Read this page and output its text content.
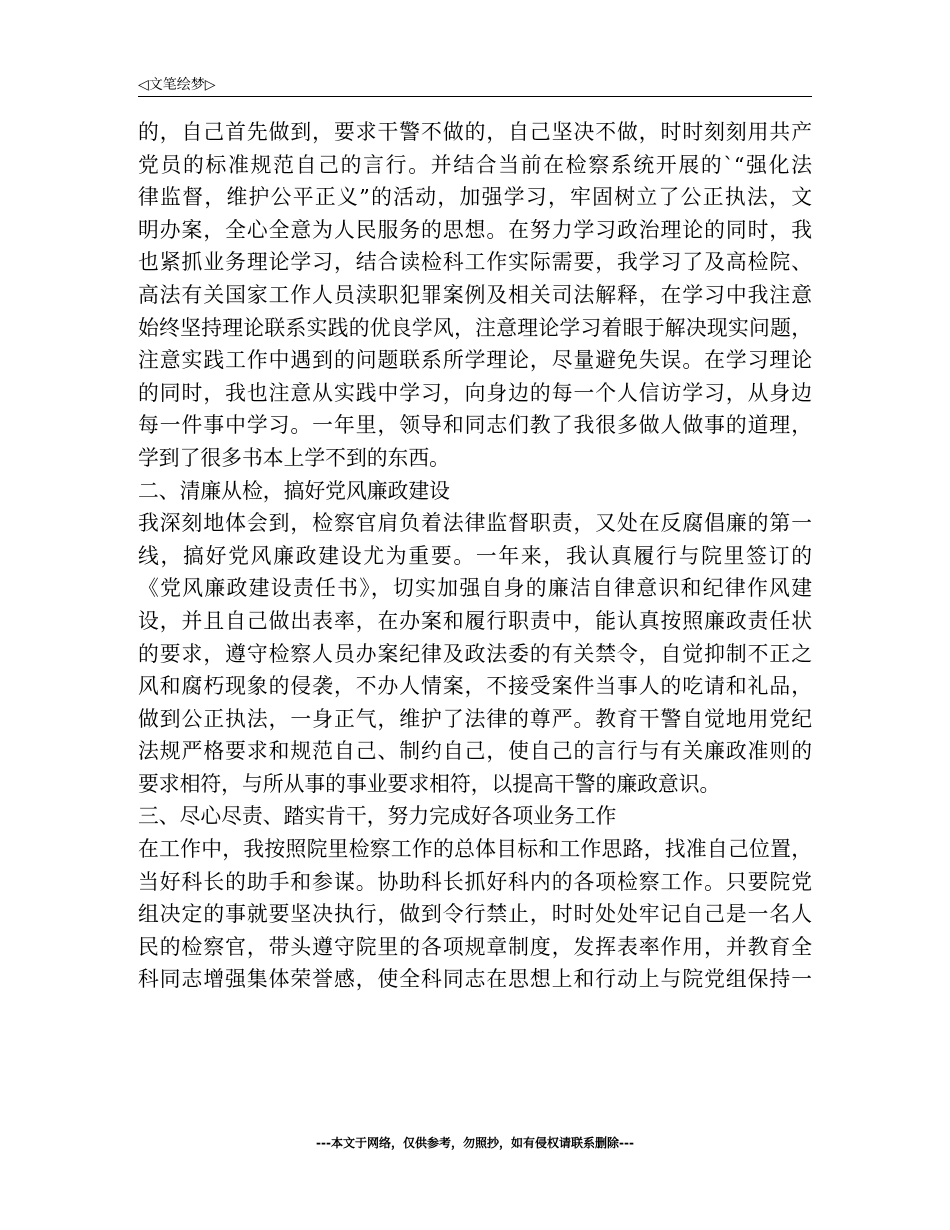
◁文笔绘梦▷
的，自己首先做到，要求干警不做的，自己坚决不做，时时刻刻用共产
党员的标准规范自己的言行。并结合当前在检察系统开展的`“强化法
律监督，维护公平正义”的活动，加强学习，牢固树立了公正执法，文
明办案，全心全意为人民服务的思想。在努力学习政治理论的同时，我
也紧抓业务理论学习，结合读检科工作实际需要，我学习了及高检院、
高法有关国家工作人员渎职犯罪案例及相关司法解释，在学习中我注意
始终坚持理论联系实践的优良学风，注意理论学习着眼于解决现实问题，
注意实践工作中遇到的问题联系所学理论，尽量避免失误。在学习理论
的同时，我也注意从实践中学习，向身边的每一个人信访学习，从身边
每一件事中学习。一年里，领导和同志们教了我很多做人做事的道理，
学到了很多书本上学不到的东西。
二、清廉从检，搞好党风廉政建设
我深刻地体会到，检察官肩负着法律监督职责，又处在反腐倡廉的第一
线，搞好党风廉政建设尤为重要。一年来，我认真履行与院里签订的
《党风廉政建设责任书》，切实加强自身的廉洁自律意识和纪律作风建
设，并且自己做出表率，在办案和履行职责中，能认真按照廉政责任状
的要求，遵守检察人员办案纪律及政法委的有关禁令，自觉抑制不正之
风和腐朽现象的侵袭，不办人情案，不接受案件当事人的吃请和礼品，
做到公正执法，一身正气，维护了法律的尊严。教育干警自觉地用党纪
法规严格要求和规范自己、制约自己，使自己的言行与有关廉政准则的
要求相符，与所从事的事业要求相符，以提高干警的廉政意识。
三、尽心尽责、踏实肯干，努力完成好各项业务工作
在工作中，我按照院里检察工作的总体目标和工作思路，找准自己位置，
当好科长的助手和参谋。协助科长抓好科内的各项检察工作。只要院党
组决定的事就要坚决执行，做到令行禁止，时时处处牢记自己是一名人
民的检察官，带头遵守院里的各项规章制度，发挥表率作用，并教育全
科同志增强集体荣誉感，使全科同志在思想上和行动上与院党组保持一
---本文于网络，仅供参考，勿照抄，如有侵权请联系删除---
